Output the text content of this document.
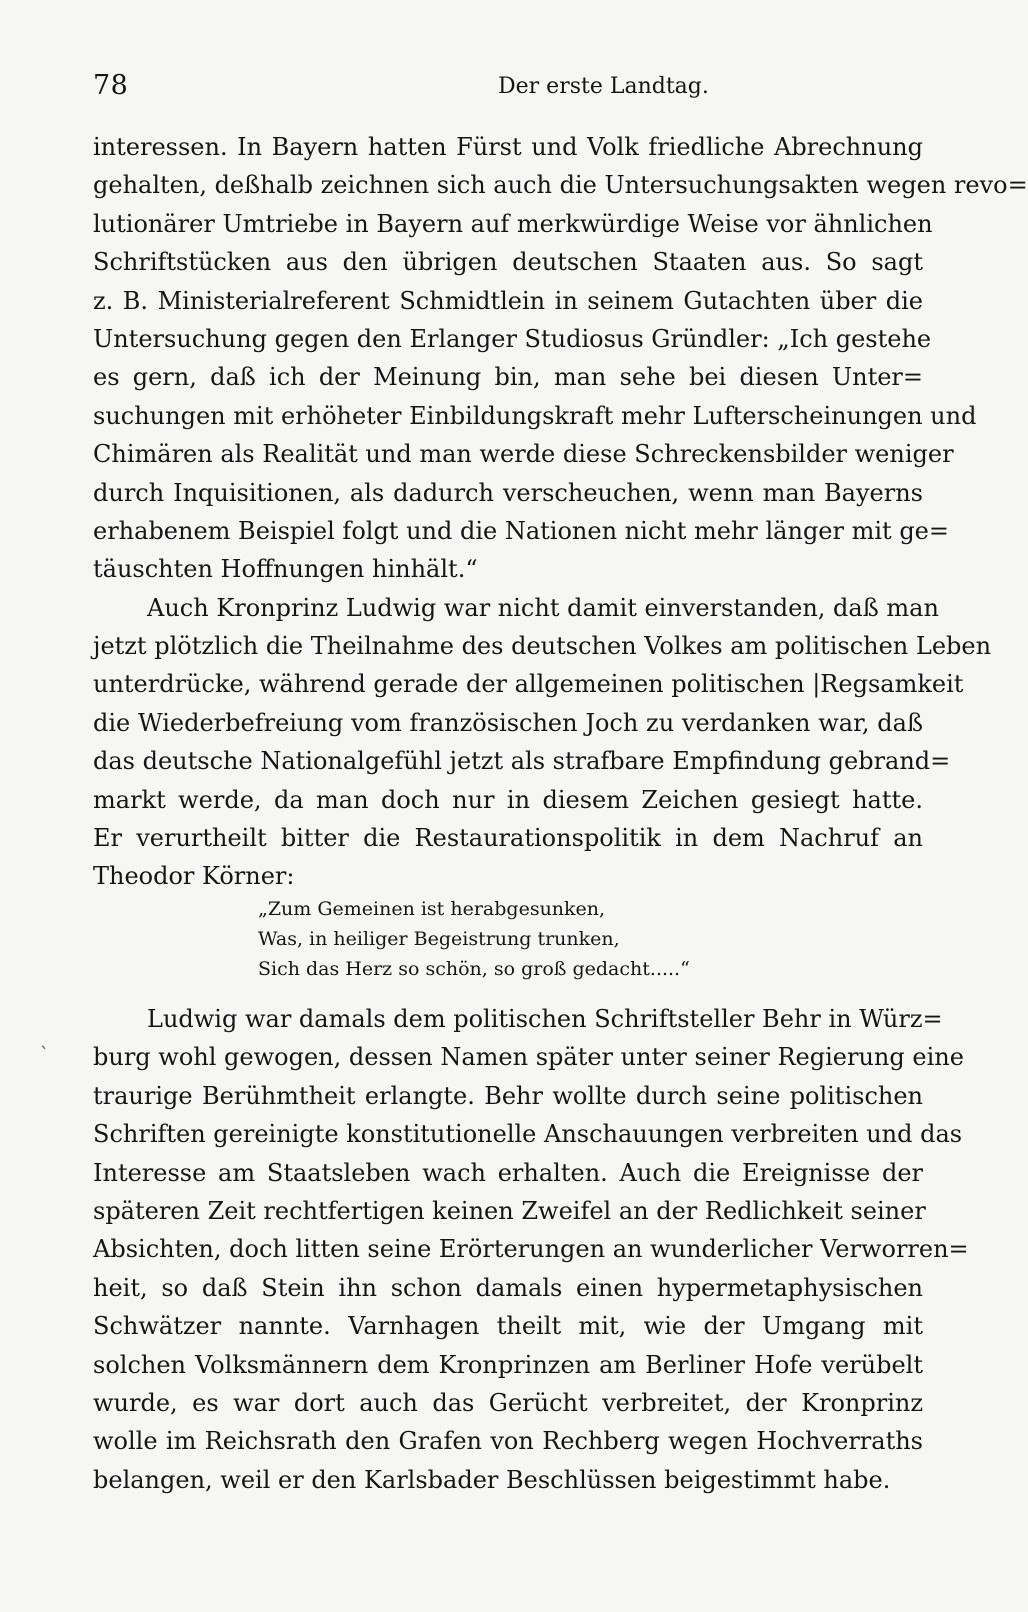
78	Der erste Landtag.
interessen. In Bayern hatten Fürst und Volk friedliche Abrechnung
gehalten, deßhalb zeichnen sich auch die Untersuchungsakten wegen revo=
lutionärer Umtriebe in Bayern auf merkwürdige Weise vor ähnlichen
Schriftstücken aus den übrigen deutschen Staaten aus. So sagt
z. B. Ministerialreferent Schmidtlein in seinem Gutachten über die
Untersuchung gegen den Erlanger Studiosus Gründler: „Ich gestehe
es gern, daß ich der Meinung bin, man sehe bei diesen Unter=
suchungen mit erhöheter Einbildungskraft mehr Lufterscheinungen und
Chimären als Realität und man werde diese Schreckensbilder weniger
durch Inquisitionen, als dadurch verscheuchen, wenn man Bayerns
erhabenem Beispiel folgt und die Nationen nicht mehr länger mit ge=
täuschten Hoffnungen hinhält.“
Auch Kronprinz Ludwig war nicht damit einverstanden, daß man
jetzt plötzlich die Theilnahme des deutschen Volkes am politischen Leben
unterdrücke, während gerade der allgemeinen politischen |Regsamkeit
die Wiederbefreiung vom französischen Joch zu verdanken war, daß
das deutsche Nationalgefühl jetzt als strafbare Empfindung gebrand=
markt werde, da man doch nur in diesem Zeichen gesiegt hatte.
Er verurtheilt bitter die Restaurationspolitik in dem Nachruf an
Theodor Körner:
„Zum Gemeinen ist herabgesunken,
Was, in heiliger Begeistrung trunken,
Sich das Herz so schön, so groß gedacht.....“
`
Ludwig war damals dem politischen Schriftsteller Behr in Würz=
burg wohl gewogen, dessen Namen später unter seiner Regierung eine
traurige Berühmtheit erlangte. Behr wollte durch seine politischen
Schriften gereinigte konstitutionelle Anschauungen verbreiten und das
Interesse am Staatsleben wach erhalten. Auch die Ereignisse der
späteren Zeit rechtfertigen keinen Zweifel an der Redlichkeit seiner
Absichten, doch litten seine Erörterungen an wunderlicher Verworren=
heit, so daß Stein ihn schon damals einen hypermetaphysischen
Schwätzer nannte. Varnhagen theilt mit, wie der Umgang mit
solchen Volksmännern dem Kronprinzen am Berliner Hofe verübelt
wurde, es war dort auch das Gerücht verbreitet, der Kronprinz
wolle im Reichsrath den Grafen von Rechberg wegen Hochverraths
belangen, weil er den Karlsbader Beschlüssen beigestimmt habe.
